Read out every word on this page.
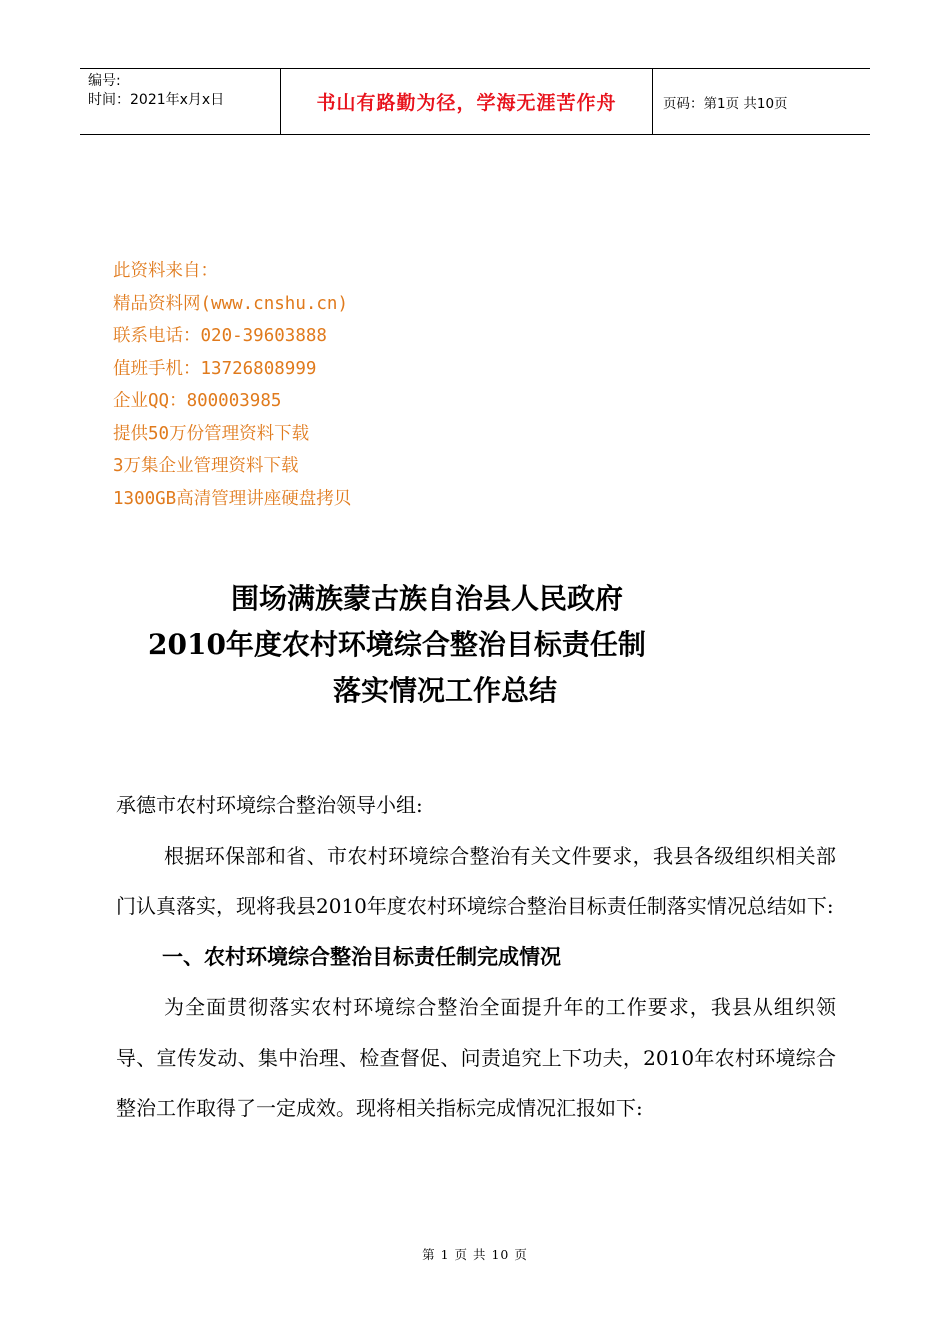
编号:
时间：2021年x月x日	书山有路勤为径，学海无涯苦作舟	页码：第1页 共10页
此资料来自：
精品资料网(www.cnshu.cn)
联系电话：020-39603888
值班手机：13726808999
企业QQ：800003985
提供50万份管理资料下载
3万集企业管理资料下载
1300GB高清管理讲座硬盘拷贝
围场满族蒙古族自治县人民政府
2010年度农村环境综合整治目标责任制
落实情况工作总结

承德市农村环境综合整治领导小组:

根据环保部和省、市农村环境综合整治有关文件要求，我县各级组织相关部门认真落实，现将我县2010年度农村环境综合整治目标责任制落实情况总结如下:

一、农村环境综合整治目标责任制完成情况

为全面贯彻落实农村环境综合整治全面提升年的工作要求，我县从组织领导、宣传发动、集中治理、检查督促、问责追究上下功夫，2010年农村环境综合整治工作取得了一定成效。现将相关指标完成情况汇报如下:

第 1 页 共 10 页
